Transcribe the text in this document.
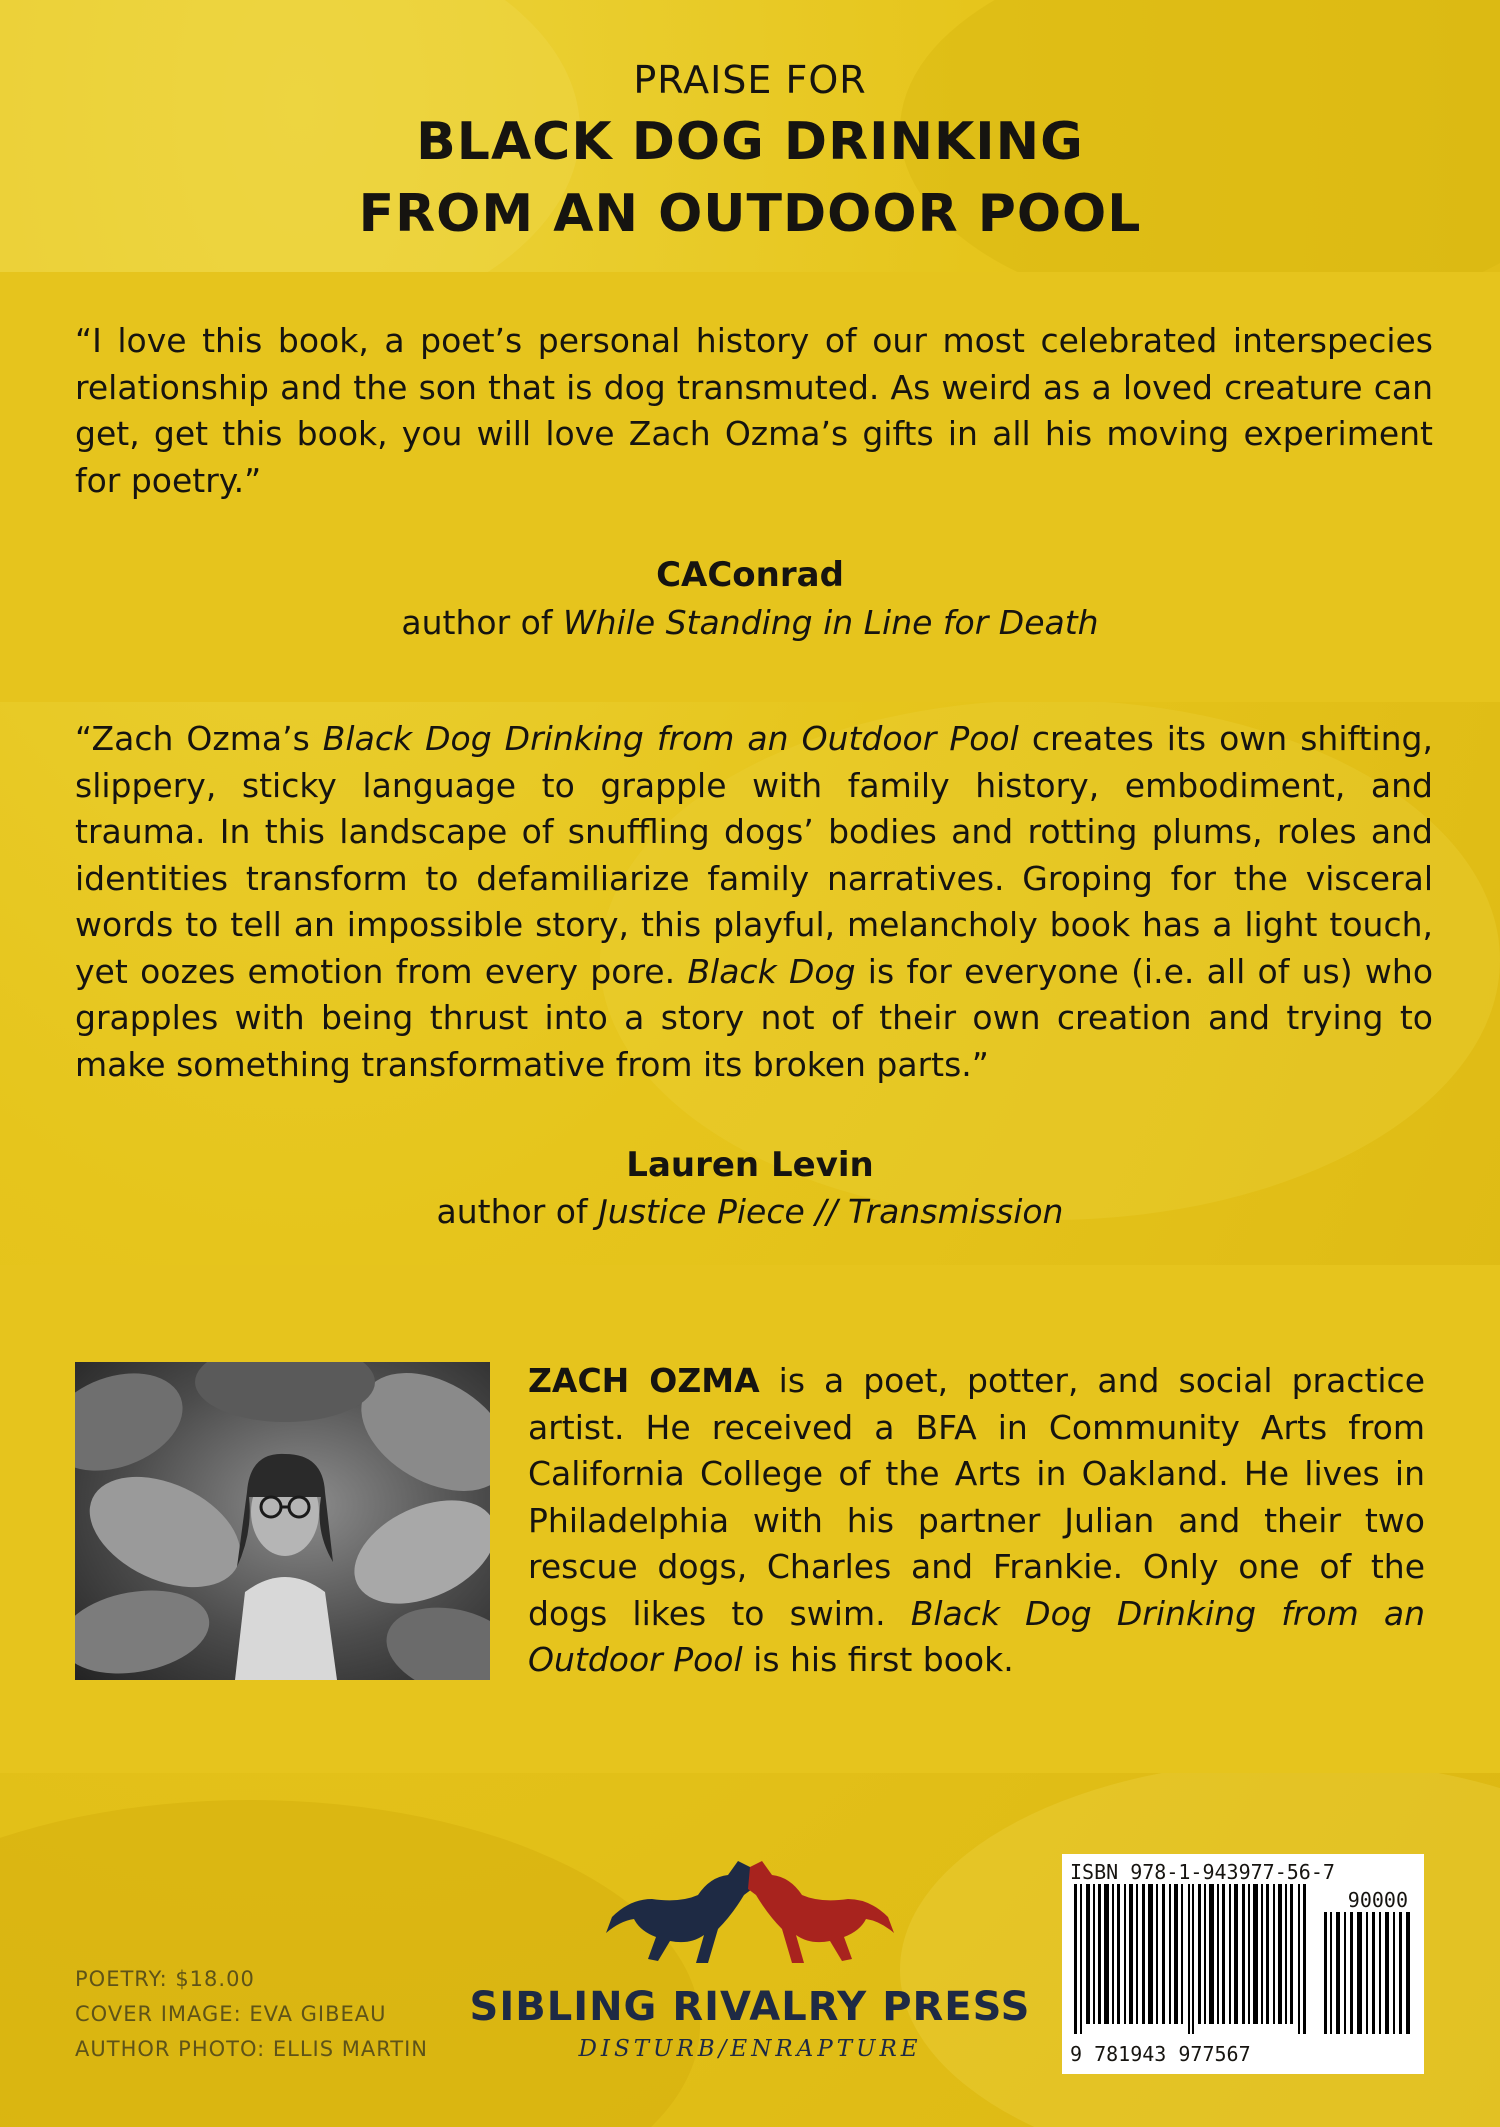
PRAISE FOR
BLACK DOG DRINKING
FROM AN OUTDOOR POOL
“I love this book, a poet’s personal history of our most celebrated interspecies relationship and the son that is dog transmuted. As weird as a loved creature can get, get this book, you will love Zach Ozma’s gifts in all his moving experiment for poetry.”
CAConrad
author of While Standing in Line for Death
“Zach Ozma’s Black Dog Drinking from an Outdoor Pool creates its own shifting, slippery, sticky language to grapple with family history, embodiment, and trauma. In this landscape of snuffling dogs’ bodies and rotting plums, roles and identities transform to defamiliarize family narratives. Groping for the visceral words to tell an impossible story, this playful, melancholy book has a light touch, yet oozes emotion from every pore. Black Dog is for everyone (i.e. all of us) who grapples with being thrust into a story not of their own creation and trying to make something transformative from its broken parts.”
Lauren Levin
author of Justice Piece // Transmission
ZACH OZMA is a poet, potter, and social practice artist. He received a BFA in Community Arts from California College of the Arts in Oakland. He lives in Philadelphia with his partner Julian and their two rescue dogs, Charles and Frankie. Only one of the dogs likes to swim. Black Dog Drinking from an Outdoor Pool is his first book.
POETRY: $18.00
COVER IMAGE: EVA GIBEAU
AUTHOR PHOTO: ELLIS MARTIN
SIBLING RIVALRY PRESS
DISTURB/ENRAPTURE
ISBN 978-1-943977-56-7
90000
9 781943 977567
